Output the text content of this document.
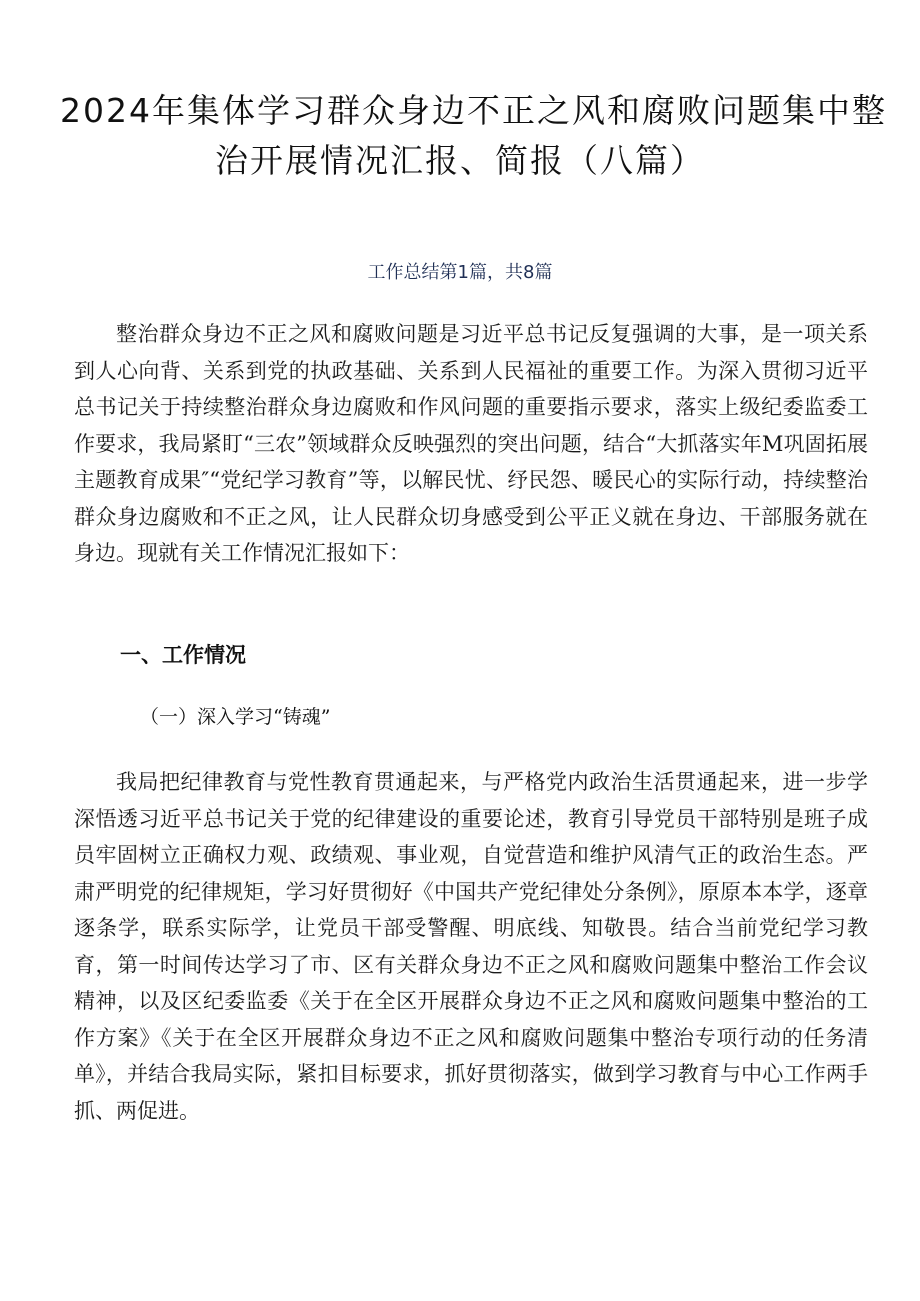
2024年集体学习群众身边不正之风和腐败问题集中整
治开展情况汇报、简报（八篇）
工作总结第1篇，共8篇

整治群众身边不正之风和腐败问题是习近平总书记反复强调的大事，是一项关系到人心向背、关系到党的执政基础、关系到人民福祉的重要工作。为深入贯彻习近平总书记关于持续整治群众身边腐败和作风问题的重要指示要求，落实上级纪委监委工作要求，我局紧盯“三农”领域群众反映强烈的突出问题，结合“大抓落实年M巩固拓展主题教育成果″“党纪学习教育”等，以解民忧、纾民怨、暖民心的实际行动，持续整治群众身边腐败和不正之风，让人民群众切身感受到公平正义就在身边、干部服务就在身边。现就有关工作情况汇报如下：

一、工作情况
（一）深入学习“铸魂”

我局把纪律教育与党性教育贯通起来，与严格党内政治生活贯通起来，进一步学深悟透习近平总书记关于党的纪律建设的重要论述，教育引导党员干部特别是班子成员牢固树立正确权力观、政绩观、事业观，自觉营造和维护风清气正的政治生态。严肃严明党的纪律规矩，学习好贯彻好《中国共产党纪律处分条例》，原原本本学，逐章逐条学，联系实际学，让党员干部受警醒、明底线、知敬畏。结合当前党纪学习教育，第一时间传达学习了市、区有关群众身边不正之风和腐败问题集中整治工作会议精神，以及区纪委监委《关于在全区开展群众身边不正之风和腐败问题集中整治的工作方案》《关于在全区开展群众身边不正之风和腐败问题集中整治专项行动的任务清单》，并结合我局实际，紧扣目标要求，抓好贯彻落实，做到学习教育与中心工作两手抓、两促进。
